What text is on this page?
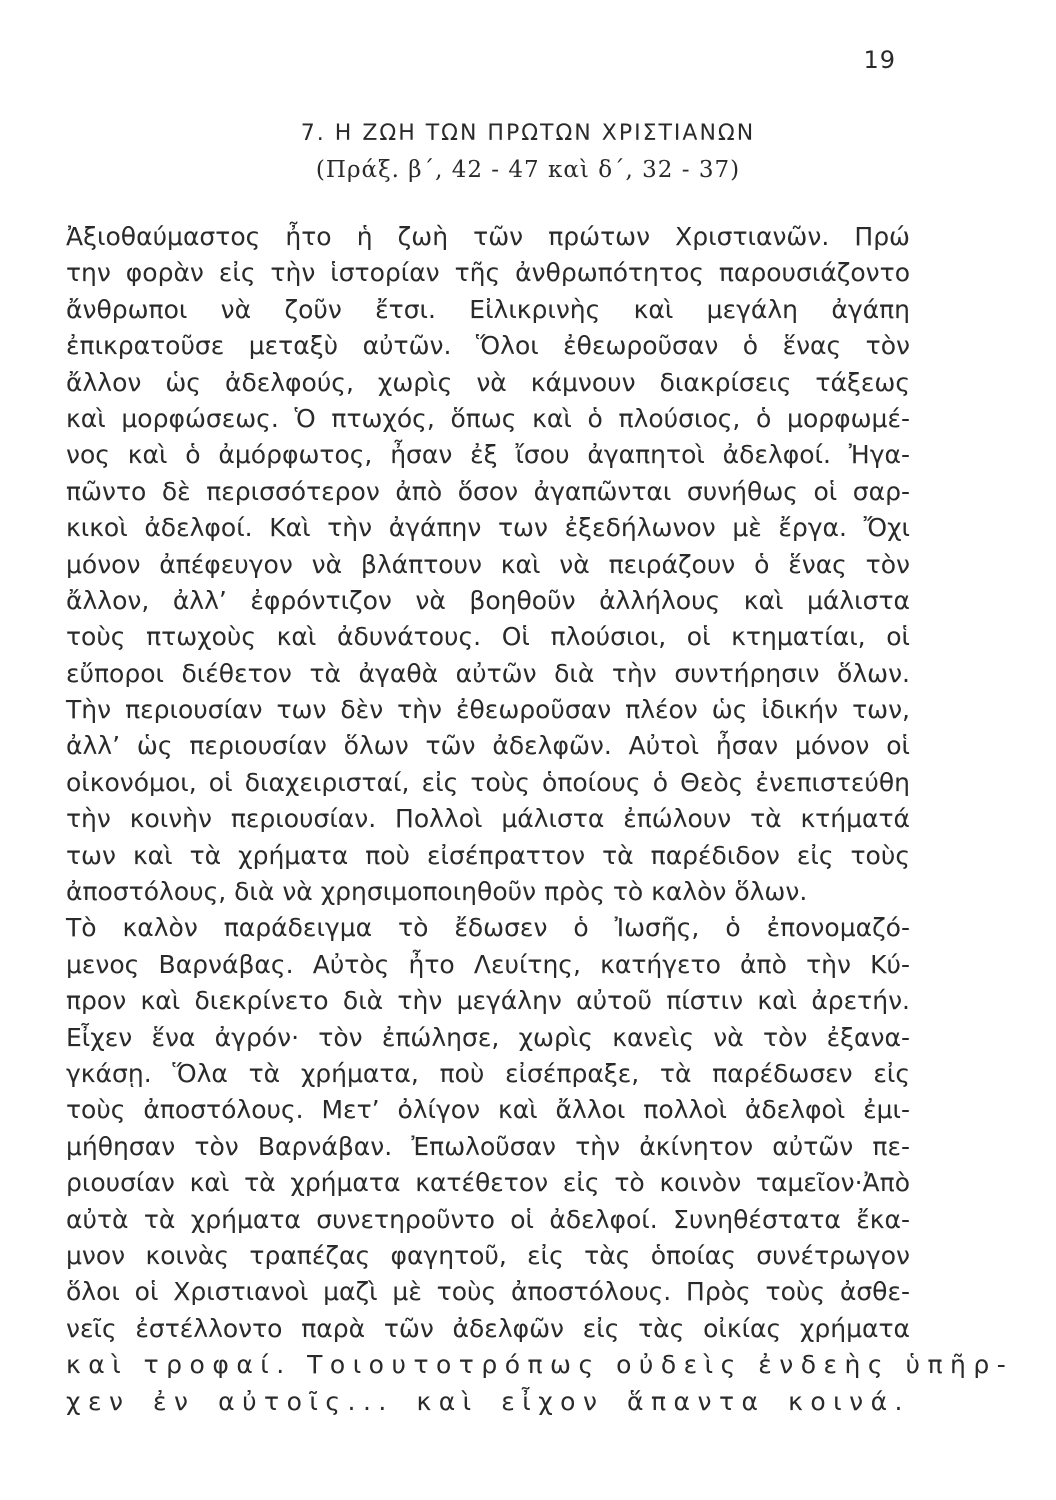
19
7. Η ΖΩΗ ΤΩΝ ΠΡΩΤΩΝ ΧΡΙΣΤΙΑΝΩΝ
(Πράξ. β΄, 42 - 47 καὶ δ΄, 32 - 37)
Ἀξιοθαύμαστος ἦτο ἡ ζωὴ τῶν πρώτων Χριστιανῶν. Πρώ
την φορὰν εἰς τὴν ἱστορίαν τῆς ἀνθρωπότητος παρουσιάζοντο
ἄνθρωποι νὰ ζοῦν ἔτσι. Εἰλικρινὴς καὶ μεγάλη ἀγάπη
ἐπικρατοῦσε μεταξὺ αὐτῶν. Ὅλοι ἐθεωροῦσαν ὁ ἕνας τὸν
ἄλλον ὡς ἀδελφούς, χωρὶς νὰ κάμνουν διακρίσεις τάξεως
καὶ μορφώσεως. Ὁ πτωχός, ὅπως καὶ ὁ πλούσιος, ὁ μορφωμέ-
νος καὶ ὁ ἀμόρφωτος, ἦσαν ἐξ ἴσου ἀγαπητοὶ ἀδελφοί. Ἠγα-
πῶντο δὲ περισσότερον ἀπὸ ὅσον ἀγαπῶνται συνήθως οἱ σαρ-
κικοὶ ἀδελφοί. Καὶ τὴν ἀγάπην των ἐξεδήλωνον μὲ ἔργα. Ὄχι
μόνον ἀπέφευγον νὰ βλάπτουν καὶ νὰ πειράζουν ὁ ἕνας τὸν
ἄλλον, ἀλλ’ ἐφρόντιζον νὰ βοηθοῦν ἀλλήλους καὶ μάλιστα
τοὺς πτωχοὺς καὶ ἀδυνάτους. Οἱ πλούσιοι, οἱ κτηματίαι, οἱ
εὔποροι διέθετον τὰ ἀγαθὰ αὐτῶν διὰ τὴν συντήρησιν ὅλων.
Τὴν περιουσίαν των δὲν τὴν ἐθεωροῦσαν πλέον ὡς ἰδικήν των,
ἀλλ’ ὡς περιουσίαν ὅλων τῶν ἀδελφῶν. Αὐτοὶ ἦσαν μόνον οἱ
οἰκονόμοι, οἱ διαχειρισταί, εἰς τοὺς ὁποίους ὁ Θεὸς ἐνεπιστεύθη
τὴν κοινὴν περιουσίαν. Πολλοὶ μάλιστα ἐπώλουν τὰ κτήματά
των καὶ τὰ χρήματα ποὺ εἰσέπραττον τὰ παρέδιδον εἰς τοὺς
ἀποστόλους, διὰ νὰ χρησιμοποιηθοῦν πρὸς τὸ καλὸν ὅλων.
Τὸ καλὸν παράδειγμα τὸ ἔδωσεν ὁ Ἰωσῆς, ὁ ἐπονομαζό-
μενος Βαρνάβας. Αὐτὸς ἦτο Λευίτης, κατήγετο ἀπὸ τὴν Κύ-
προν καὶ διεκρίνετο διὰ τὴν μεγάλην αὐτοῦ πίστιν καὶ ἀρετήν.
Εἶχεν ἕνα ἀγρόν· τὸν ἐπώλησε, χωρὶς κανεὶς νὰ τὸν ἐξανα-
γκάσῃ. Ὅλα τὰ χρήματα, ποὺ εἰσέπραξε, τὰ παρέδωσεν εἰς
τοὺς ἀποστόλους. Μετ’ ὀλίγον καὶ ἄλλοι πολλοὶ ἀδελφοὶ ἐμι-
μήθησαν τὸν Βαρνάβαν. Ἐπωλοῦσαν τὴν ἀκίνητον αὐτῶν πε-
ριουσίαν καὶ τὰ χρήματα κατέθετον εἰς τὸ κοινὸν ταμεῖον·Ἀπὸ
αὐτὰ τὰ χρήματα συνετηροῦντο οἱ ἀδελφοί. Συνηθέστατα ἔκα-
μνον κοινὰς τραπέζας φαγητοῦ, εἰς τὰς ὁποίας συνέτρωγον
ὅλοι οἱ Χριστιανοὶ μαζὶ μὲ τοὺς ἀποστόλους. Πρὸς τοὺς ἀσθε-
νεῖς ἐστέλλοντο παρὰ τῶν ἀδελφῶν εἰς τὰς οἰκίας χρήματα
καὶ τροφαί. Τοιουτοτρόπως οὐδεὶς ἐνδεὴς ὑπῆρ-
χεν ἐν αὐτοῖς... καὶ εἶχον ἅπαντα κοινά.
